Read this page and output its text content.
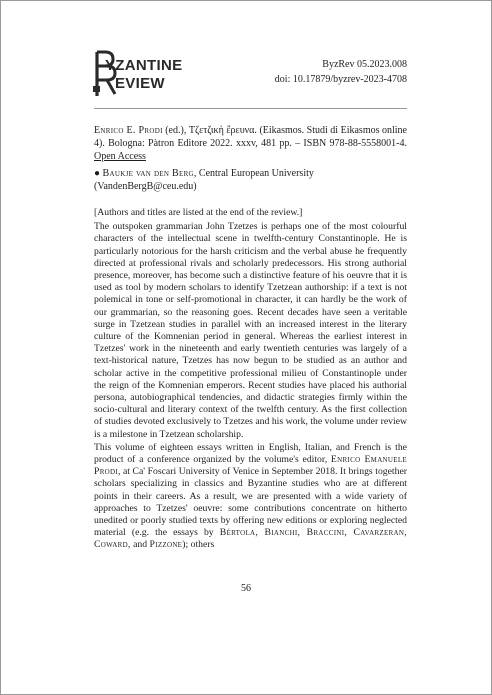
YZANTINE
EVIEW
ByzRev 05.2023.008
doi: 10.17879/byzrev-2023-4708
Enrico E. Prodi (ed.), Τζετζικὴ ἔρευνα. (Eikasmos. Studi di Eikasmos online 4). Bologna: Pàtron Editore 2022. xxxv, 481 pp. – ISBN 978-88-5558001-4. Open Access
● Baukje van den Berg, Central European University
(VandenBergB@ceu.edu)

[Authors and titles are listed at the end of the review.]

The outspoken grammarian John Tzetzes is perhaps one of the most colourful characters of the intellectual scene in twelfth-century Constantinople. He is particularly notorious for the harsh criticism and the verbal abuse he frequently directed at professional rivals and scholarly predecessors. His strong authorial presence, moreover, has become such a distinctive feature of his oeuvre that it is used as tool by modern scholars to identify Tzetzean authorship: if a text is not polemical in tone or self-promotional in character, it can hardly be the work of our grammarian, so the reasoning goes. Recent decades have seen a veritable surge in Tzetzean studies in parallel with an increased interest in the literary culture of the Komnenian period in general. Whereas the earliest interest in Tzetzes' work in the nineteenth and early twentieth centuries was largely of a text-historical nature, Tzetzes has now begun to be studied as an author and scholar active in the competitive professional milieu of Constantinople under the reign of the Komnenian emperors. Recent studies have placed his authorial persona, autobiographical tendencies, and didactic strategies firmly within the socio-cultural and literary context of the twelfth century. As the first collection of studies devoted exclusively to Tzetzes and his work, the volume under review is a milestone in Tzetzean scholarship.

This volume of eighteen essays written in English, Italian, and French is the product of a conference organized by the volume's editor, Enrico Emanuele Prodi, at Ca' Foscari University of Venice in September 2018. It brings together scholars specializing in classics and Byzantine studies who are at different points in their careers. As a result, we are presented with a wide variety of approaches to Tzetzes' oeuvre: some contributions concentrate on hitherto unedited or poorly studied texts by offering new editions or exploring neglected material (e.g. the essays by Bértola, Bianchi, Braccini, Cavarzeran, Coward, and Pizzone); others

56
